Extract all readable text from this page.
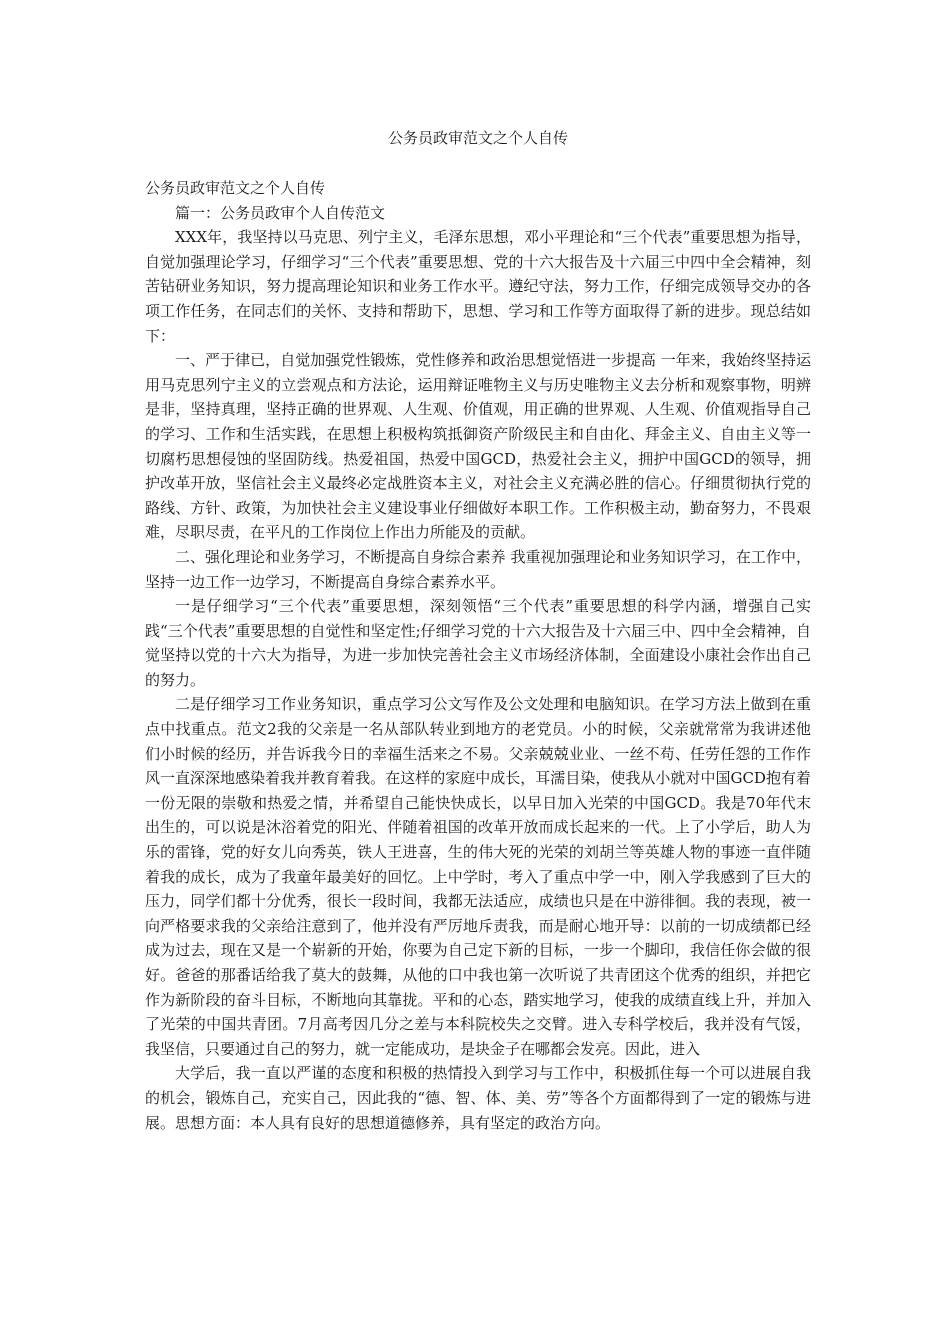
公务员政审范文之个人自传

公务员政审范文之个人自传

篇一：公务员政审个人自传范文

XXX年，我坚持以马克思、列宁主义，毛泽东思想，邓小平理论和“三个代表”重要思想为指导，自觉加强理论学习，仔细学习“三个代表”重要思想、党的十六大报告及十六届三中四中全会精神，刻苦钻研业务知识，努力提高理论知识和业务工作水平。遵纪守法，努力工作，仔细完成领导交办的各项工作任务，在同志们的关怀、支持和帮助下，思想、学习和工作等方面取得了新的进步。现总结如下：

一、严于律已，自觉加强党性锻炼，党性修养和政治思想觉悟进一步提高 一年来，我始终坚持运用马克思列宁主义的立尝观点和方法论，运用辩证唯物主义与历史唯物主义去分析和观察事物，明辨是非，坚持真理，坚持正确的世界观、人生观、价值观，用正确的世界观、人生观、价值观指导自己的学习、工作和生活实践，在思想上积极构筑抵御资产阶级民主和自由化、拜金主义、自由主义等一切腐朽思想侵蚀的坚固防线。热爱祖国，热爱中国GCD，热爱社会主义，拥护中国GCD的领导，拥护改革开放，坚信社会主义最终必定战胜资本主义，对社会主义充满必胜的信心。仔细贯彻执行党的路线、方针、政策，为加快社会主义建设事业仔细做好本职工作。工作积极主动，勤奋努力，不畏艰难，尽职尽责，在平凡的工作岗位上作出力所能及的贡献。

二、强化理论和业务学习，不断提高自身综合素养 我重视加强理论和业务知识学习，在工作中，坚持一边工作一边学习，不断提高自身综合素养水平。

一是仔细学习“三个代表”重要思想，深刻领悟“三个代表”重要思想的科学内涵，增强自己实践“三个代表”重要思想的自觉性和坚定性;仔细学习党的十六大报告及十六届三中、四中全会精神，自觉坚持以党的十六大为指导，为进一步加快完善社会主义市场经济体制，全面建设小康社会作出自己的努力。

二是仔细学习工作业务知识，重点学习公文写作及公文处理和电脑知识。在学习方法上做到在重点中找重点。范文2我的父亲是一名从部队转业到地方的老党员。小的时候，父亲就常常为我讲述他们小时候的经历，并告诉我今日的幸福生活来之不易。父亲兢兢业业、一丝不苟、任劳任怨的工作作风一直深深地感染着我并教育着我。在这样的家庭中成长，耳濡目染，使我从小就对中国GCD抱有着一份无限的崇敬和热爱之情，并希望自己能快快成长，以早日加入光荣的中国GCD。我是70年代末出生的，可以说是沐浴着党的阳光、伴随着祖国的改革开放而成长起来的一代。上了小学后，助人为乐的雷锋，党的好女儿向秀英，铁人王进喜，生的伟大死的光荣的刘胡兰等英雄人物的事迹一直伴随着我的成长，成为了我童年最美好的回忆。上中学时，考入了重点中学一中，刚入学我感到了巨大的压力，同学们都十分优秀，很长一段时间，我都无法适应，成绩也只是在中游徘徊。我的表现，被一向严格要求我的父亲给注意到了，他并没有严厉地斥责我，而是耐心地开导：以前的一切成绩都已经成为过去，现在又是一个崭新的开始，你要为自己定下新的目标，一步一个脚印，我信任你会做的很好。爸爸的那番话给我了莫大的鼓舞，从他的口中我也第一次听说了共青团这个优秀的组织，并把它作为新阶段的奋斗目标，不断地向其靠拢。平和的心态，踏实地学习，使我的成绩直线上升，并加入了光荣的中国共青团。7月高考因几分之差与本科院校失之交臂。进入专科学校后，我并没有气馁，我坚信，只要通过自己的努力，就一定能成功，是块金子在哪都会发亮。因此，进入

大学后，我一直以严谨的态度和积极的热情投入到学习与工作中，积极抓住每一个可以进展自我的机会，锻炼自己，充实自己，因此我的“德、智、体、美、劳”等各个方面都得到了一定的锻炼与进展。思想方面：本人具有良好的思想道德修养，具有坚定的政治方向。
